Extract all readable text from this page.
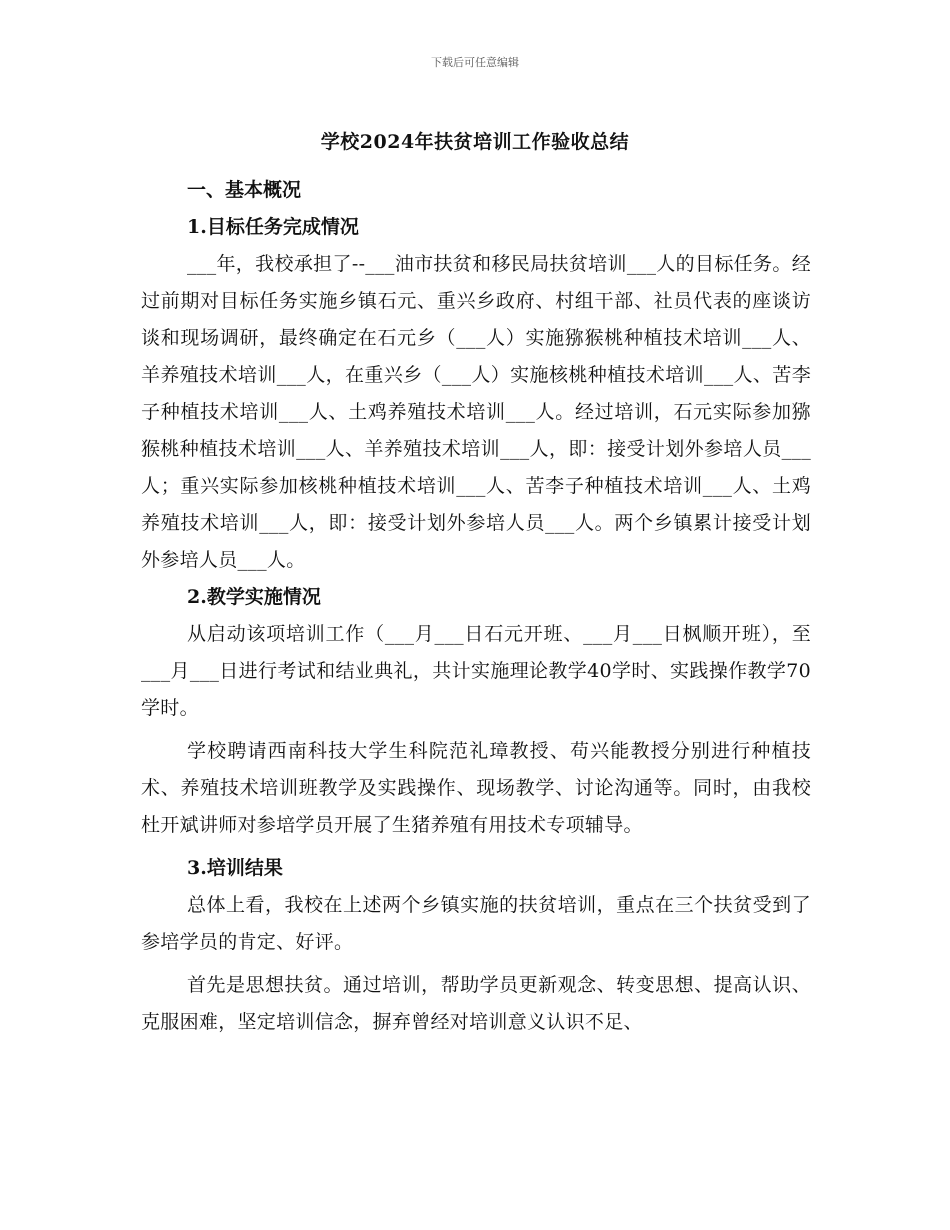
下载后可任意编辑
学校2024年扶贫培训工作验收总结
一、基本概况
1.目标任务完成情况

___年，我校承担了--___油市扶贫和移民局扶贫培训___人的目标任务。经过前期对目标任务实施乡镇石元、重兴乡政府、村组干部、社员代表的座谈访谈和现场调研，最终确定在石元乡（___人）实施猕猴桃种植技术培训___人、羊养殖技术培训___人，在重兴乡（___人）实施核桃种植技术培训___人、苦李子种植技术培训___人、土鸡养殖技术培训___人。经过培训，石元实际参加猕猴桃种植技术培训___人、羊养殖技术培训___人，即：接受计划外参培人员___人；重兴实际参加核桃种植技术培训___人、苦李子种植技术培训___人、土鸡养殖技术培训___人，即：接受计划外参培人员___人。两个乡镇累计接受计划外参培人员___人。

2.教学实施情况

从启动该项培训工作（___月___日石元开班、___月___日枫顺开班），至___月___日进行考试和结业典礼，共计实施理论教学40学时、实践操作教学70学时。

学校聘请西南科技大学生科院范礼璋教授、苟兴能教授分别进行种植技术、养殖技术培训班教学及实践操作、现场教学、讨论沟通等。同时，由我校杜开斌讲师对参培学员开展了生猪养殖有用技术专项辅导。

3.培训结果

总体上看，我校在上述两个乡镇实施的扶贫培训，重点在三个扶贫受到了参培学员的肯定、好评。

首先是思想扶贫。通过培训，帮助学员更新观念、转变思想、提高认识、克服困难，坚定培训信念，摒弃曾经对培训意义认识不足、
